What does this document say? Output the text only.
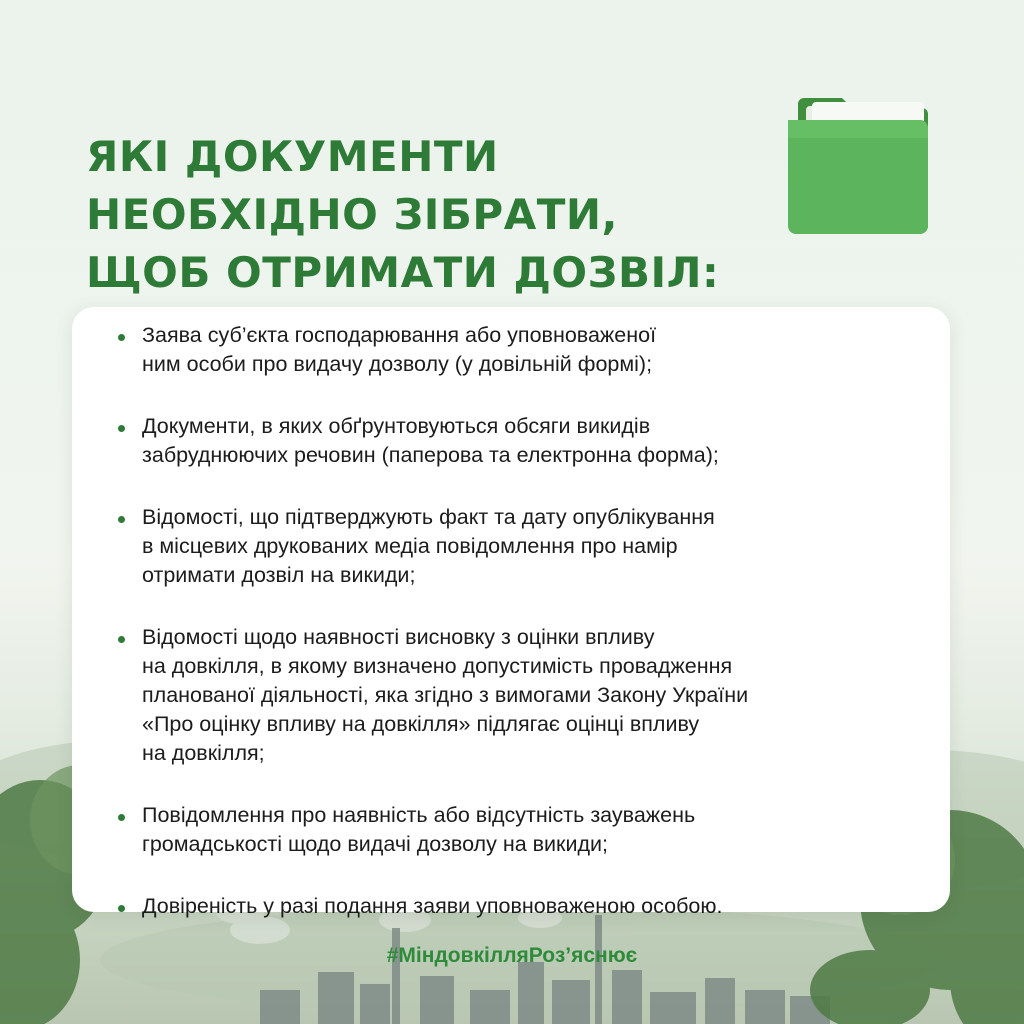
ЯКІ ДОКУМЕНТИ
НЕОБХІДНО ЗІБРАТИ,
ЩОБ ОТРИМАТИ ДОЗВІЛ:
Заява суб’єкта господарювання або уповноваженої
ним особи про видачу дозволу (у довільній формі);
Документи, в яких обґрунтовуються обсяги викидів
забруднюючих речовин (паперова та електронна форма);
Відомості, що підтверджують факт та дату опублікування
в місцевих друкованих медіа повідомлення про намір
отримати дозвіл на викиди;
Відомості щодо наявності висновку з оцінки впливу
на довкілля, в якому визначено допустимість провадження
планованої діяльності, яка згідно з вимогами Закону України
«Про оцінку впливу на довкілля» підлягає оцінці впливу
на довкілля;
Повідомлення про наявність або відсутність зауважень
громадськості щодо видачі дозволу на викиди;
Довіреність у разі подання заяви уповноваженою особою.
#МіндовкілляРоз’яснює
